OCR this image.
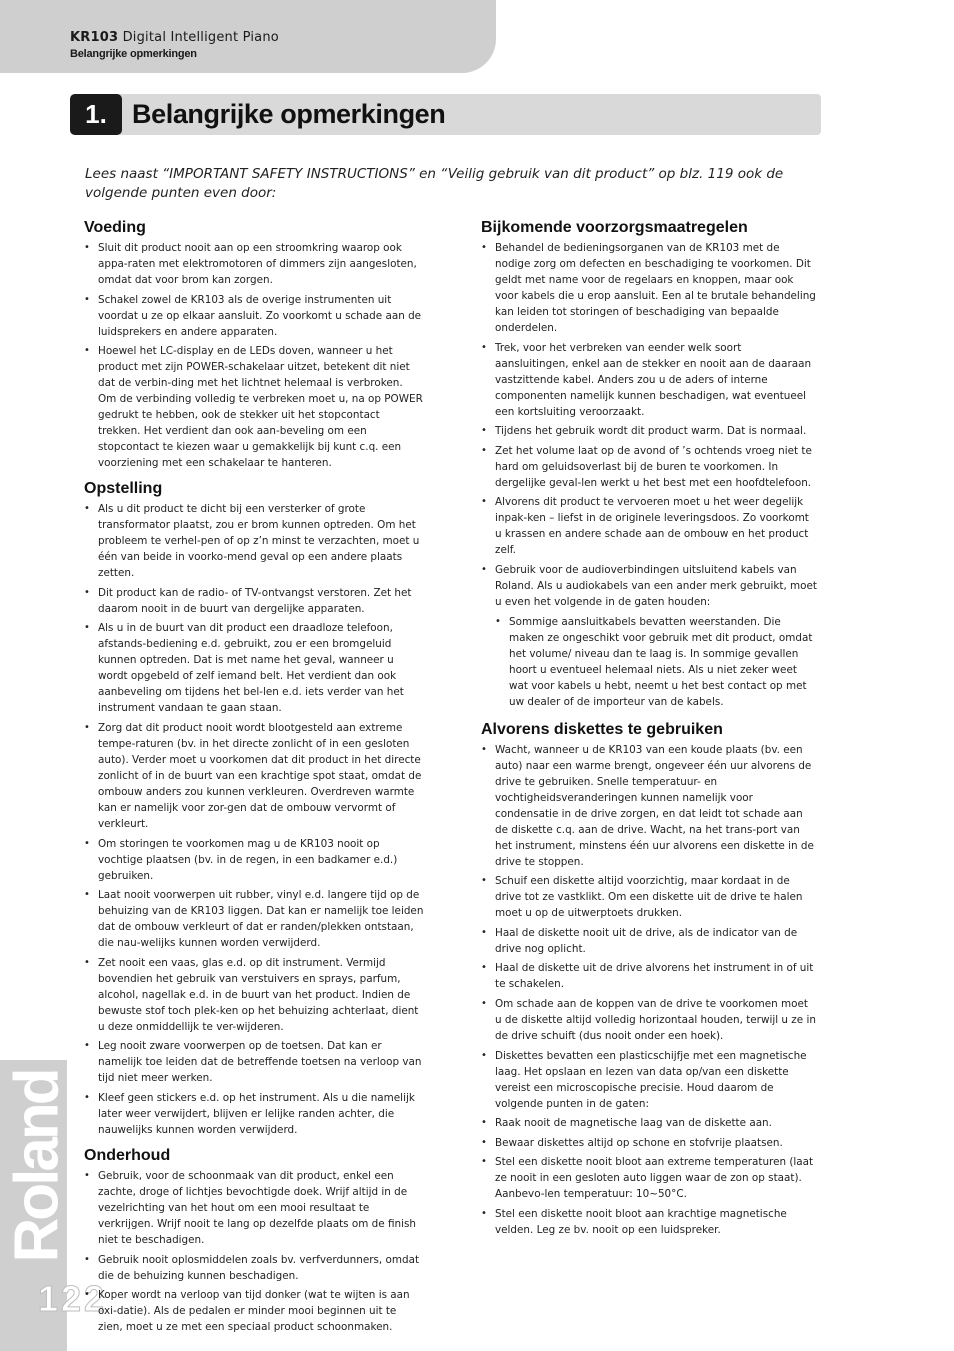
KR103 Digital Intelligent Piano
Belangrijke opmerkingen
Roland
122
1. Belangrijke opmerkingen

Lees naast “IMPORTANT SAFETY INSTRUCTIONS” en “Veilig gebruik van dit product” op blz. 119 ook de volgende punten even door:

Voeding
• Sluit dit product nooit aan op een stroomkring waarop ook appa-raten met elektromotoren of dimmers zijn aangesloten, omdat dat voor brom kan zorgen.
• Schakel zowel de KR103 als de overige instrumenten uit voordat u ze op elkaar aansluit. Zo voorkomt u schade aan de luidsprekers en andere apparaten.
• Hoewel het LC-display en de LEDs doven, wanneer u het product met zijn POWER-schakelaar uitzet, betekent dit niet dat de verbin-ding met het lichtnet helemaal is verbroken. Om de verbinding volledig te verbreken moet u, na op POWER gedrukt te hebben, ook de stekker uit het stopcontact trekken. Het verdient dan ook aan-beveling om een stopcontact te kiezen waar u gemakkelijk bij kunt c.q. een voorziening met een schakelaar te hanteren.
Opstelling
• Als u dit product te dicht bij een versterker of grote transformator plaatst, zou er brom kunnen optreden. Om het probleem te verhel-pen of op z’n minst te verzachten, moet u één van beide in voorko-mend geval op een andere plaats zetten.
• Dit product kan de radio- of TV-ontvangst verstoren. Zet het daarom nooit in de buurt van dergelijke apparaten.
• Als u in de buurt van dit product een draadloze telefoon, afstands-bediening e.d. gebruikt, zou er een bromgeluid kunnen optreden. Dat is met name het geval, wanneer u wordt opgebeld of zelf iemand belt. Het verdient dan ook aanbeveling om tijdens het bel-len e.d. iets verder van het instrument vandaan te gaan staan.
• Zorg dat dit product nooit wordt blootgesteld aan extreme tempe-raturen (bv. in het directe zonlicht of in een gesloten auto). Verder moet u voorkomen dat dit product in het directe zonlicht of in de buurt van een krachtige spot staat, omdat de ombouw anders zou kunnen verkleuren. Overdreven warmte kan er namelijk voor zor-gen dat de ombouw vervormt of verkleurt.
• Om storingen te voorkomen mag u de KR103 nooit op vochtige plaatsen (bv. in de regen, in een badkamer e.d.) gebruiken.
• Laat nooit voorwerpen uit rubber, vinyl e.d. langere tijd op de behuizing van de KR103 liggen. Dat kan er namelijk toe leiden dat de ombouw verkleurt of dat er randen/plekken ontstaan, die nau-welijks kunnen worden verwijderd.
• Zet nooit een vaas, glas e.d. op dit instrument. Vermijd bovendien het gebruik van verstuivers en sprays, parfum, alcohol, nagellak e.d. in de buurt van het product. Indien de bewuste stof toch plek-ken op het behuizing achterlaat, dient u deze onmiddellijk te ver-wijderen.
• Leg nooit zware voorwerpen op de toetsen. Dat kan er namelijk toe leiden dat de betreffende toetsen na verloop van tijd niet meer werken.
• Kleef geen stickers e.d. op het instrument. Als u die namelijk later weer verwijdert, blijven er lelijke randen achter, die nauwelijks kunnen worden verwijderd.
Onderhoud
• Gebruik, voor de schoonmaak van dit product, enkel een zachte, droge of lichtjes bevochtigde doek. Wrijf altijd in de vezelrichting van het hout om een mooi resultaat te verkrijgen. Wrijf nooit te lang op dezelfde plaats om de finish niet te beschadigen.
• Gebruik nooit oplosmiddelen zoals bv. verfverdunners, omdat die de behuizing kunnen beschadigen.
• Koper wordt na verloop van tijd donker (wat te wijten is aan oxi-datie). Als de pedalen er minder mooi beginnen uit te zien, moet u ze met een speciaal product schoonmaken.
Bijkomende voorzorgsmaatregelen
• Behandel de bedieningsorganen van de KR103 met de nodige zorg om defecten en beschadiging te voorkomen. Dit geldt met name voor de regelaars en knoppen, maar ook voor kabels die u erop aansluit. Een al te brutale behandeling kan leiden tot storingen of beschadiging van bepaalde onderdelen.
• Trek, voor het verbreken van eender welk soort aansluitingen, enkel aan de stekker en nooit aan de daaraan vastzittende kabel. Anders zou u de aders of interne componenten namelijk kunnen beschadigen, wat eventueel een kortsluiting veroorzaakt.
• Tijdens het gebruik wordt dit product warm. Dat is normaal.
• Zet het volume laat op de avond of ’s ochtends vroeg niet te hard om geluidsoverlast bij de buren te voorkomen. In dergelijke geval-len werkt u het best met een hoofdtelefoon.
• Alvorens dit product te vervoeren moet u het weer degelijk inpak-ken – liefst in de originele leveringsdoos. Zo voorkomt u krassen en andere schade aan de ombouw en het product zelf.
• Gebruik voor de audioverbindingen uitsluitend kabels van Roland. Als u audiokabels van een ander merk gebruikt, moet u even het volgende in de gaten houden:
• Sommige aansluitkabels bevatten weerstanden. Die maken ze ongeschikt voor gebruik met dit product, omdat het volume/ niveau dan te laag is. In sommige gevallen hoort u eventueel helemaal niets. Als u niet zeker weet wat voor kabels u hebt, neemt u het best contact op met uw dealer of de importeur van de kabels.
Alvorens diskettes te gebruiken
• Wacht, wanneer u de KR103 van een koude plaats (bv. een auto) naar een warme brengt, ongeveer één uur alvorens de drive te gebruiken. Snelle temperatuur- en vochtigheidsveranderingen kunnen namelijk voor condensatie in de drive zorgen, en dat leidt tot schade aan de diskette c.q. aan de drive. Wacht, na het trans-port van het instrument, minstens één uur alvorens een diskette in de drive te stoppen.
• Schuif een diskette altijd voorzichtig, maar kordaat in de drive tot ze vastklikt. Om een diskette uit de drive te halen moet u op de uitwerptoets drukken.
• Haal de diskette nooit uit de drive, als de indicator van de drive nog oplicht.
• Haal de diskette uit de drive alvorens het instrument in of uit te schakelen.
• Om schade aan de koppen van de drive te voorkomen moet u de diskette altijd volledig horizontaal houden, terwijl u ze in de drive schuift (dus nooit onder een hoek).
• Diskettes bevatten een plasticschijfje met een magnetische laag. Het opslaan en lezen van data op/van een diskette vereist een microscopische precisie. Houd daarom de volgende punten in de gaten:
• Raak nooit de magnetische laag van de diskette aan.
• Bewaar diskettes altijd op schone en stofvrije plaatsen.
• Stel een diskette nooit bloot aan extreme temperaturen (laat ze nooit in een gesloten auto liggen waar de zon op staat). Aanbevo-len temperatuur: 10~50°C.
• Stel een diskette nooit bloot aan krachtige magnetische velden. Leg ze bv. nooit op een luidspreker.
